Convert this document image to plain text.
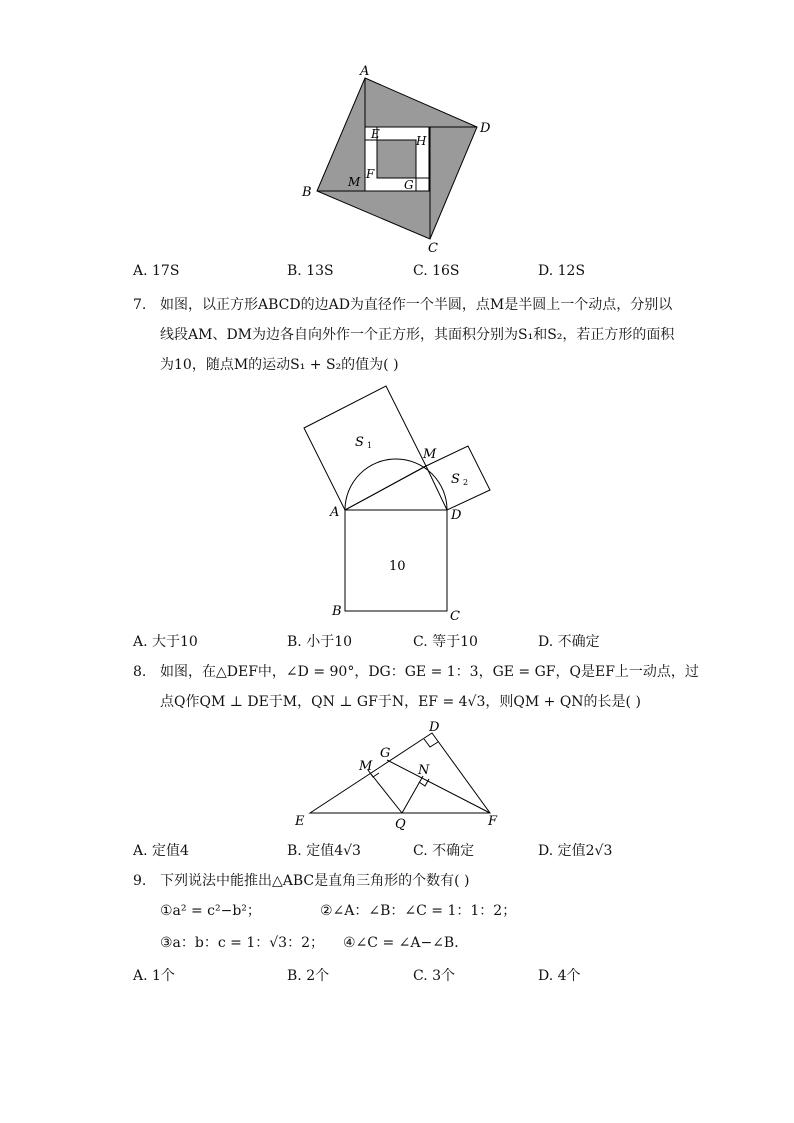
A
D
B
C
E	H
F
M	G
A. 17S	B. 13S	C. 16S	D. 12S
7. 如图，以正方形ABCD的边AD为直径作一个半圆，点M是半圆上一个动点，分别以
线段AM、DM为边各自向外作一个正方形，其面积分别为S₁和S₂，若正方形的面积
为10，随点M的运动S₁ + S₂的值为( )
S 1
S 2
M
A	D
B	C
10
A. 大于10	B. 小于10	C. 等于10	D. 不确定
8. 如图，在△DEF中，∠D = 90°，DG：GE = 1：3，GE = GF，Q是EF上一动点，过
点Q作QM ⊥ DE于M，QN ⊥ GF于N，EF = 4√3，则QM + QN的长是( )
D
G
M	N
E	Q	F
A. 定值4	B. 定值4√3	C. 不确定	D. 定值2√3
9. 下列说法中能推出△ABC是直角三角形的个数有( )
①a² = c²−b²；	②∠A：∠B：∠C = 1：1：2；
③a：b：c = 1：√3：2； ④∠C = ∠A−∠B．
A. 1个	B. 2个	C. 3个	D. 4个
